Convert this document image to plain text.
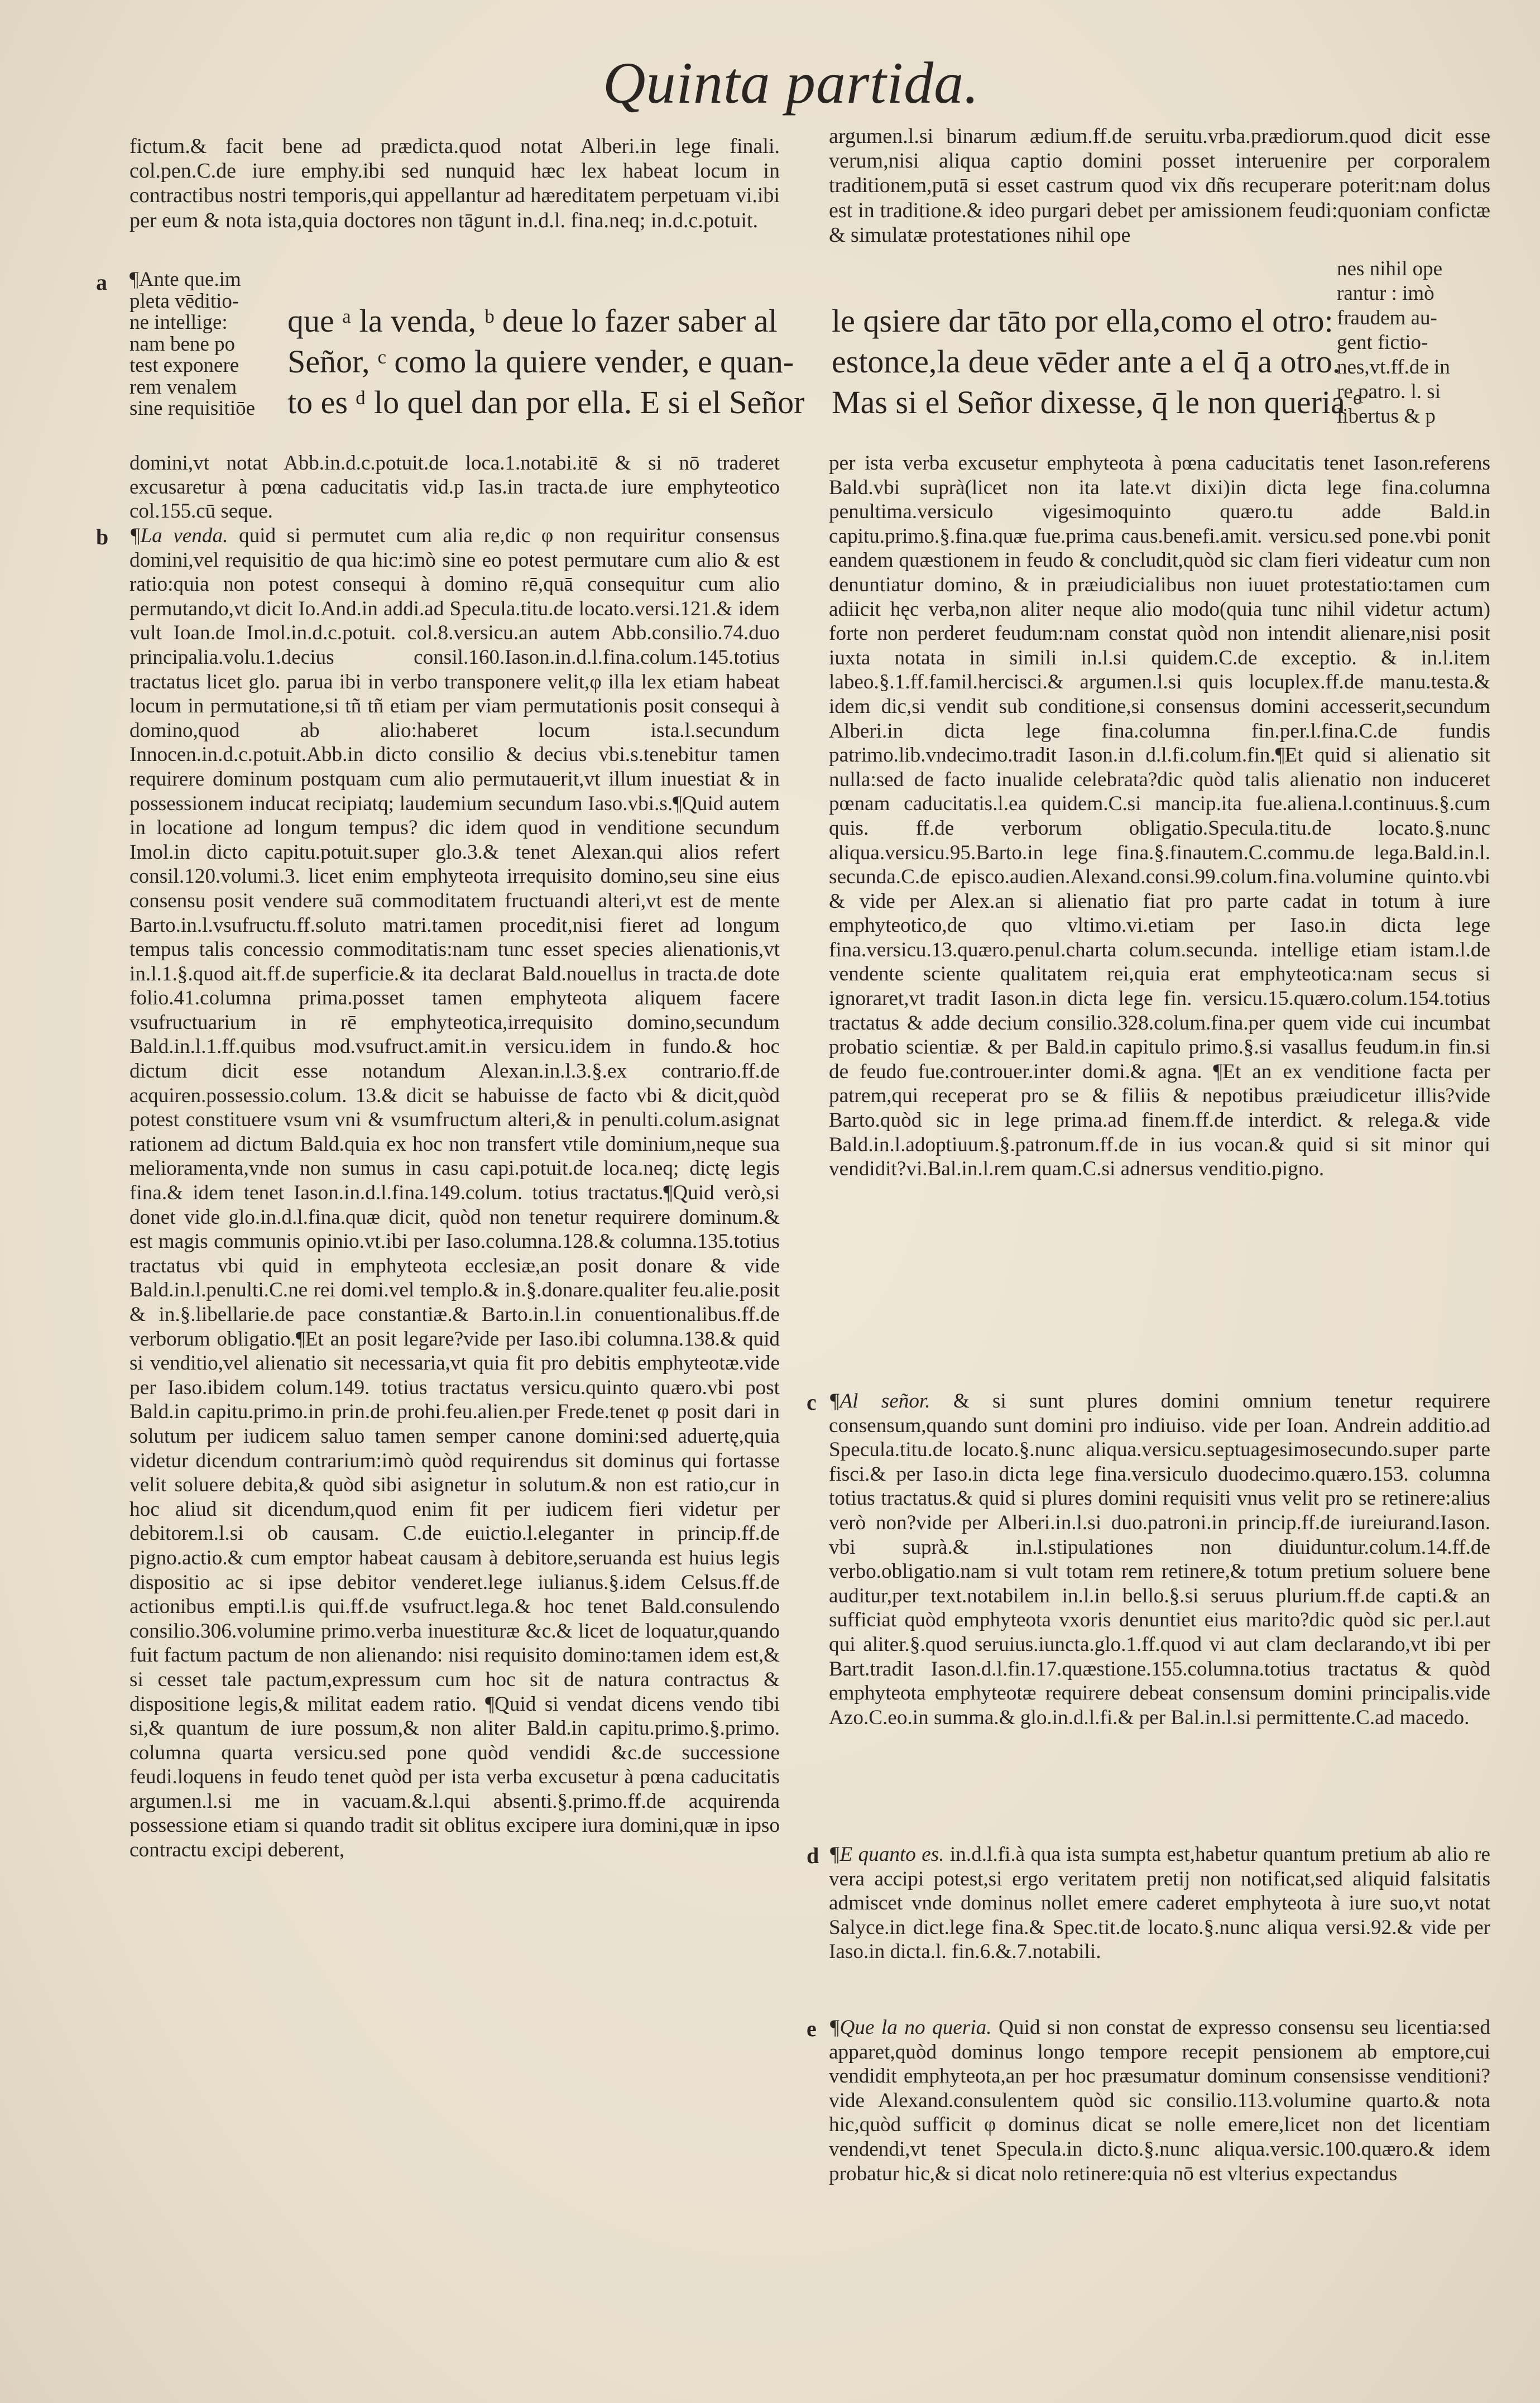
Quinta partida.
fictum.& facit bene ad prædicta.quod notat Alberi.in lege finali. col.pen.C.de iure emphy.ibi sed nunquid hæc lex habeat locum in contractibus nostri temporis,qui appellantur ad hæreditatem perpetuam vi.ibi per eum & nota ista,quia doctores non tāgunt in.d.l. fina.neq; in.d.c.potuit.
a ¶Ante que.im
pleta vēditio-
ne intellige:
nam bene po
test exponere
rem venalem
sine requisitiōe
que ᵃ la venda, ᵇ deue lo fazer saber al
Señor, ᶜ como la quiere vender, e quan-
to es ᵈ lo quel dan por ella. E si el Señor
domini,vt notat Abb.in.d.c.potuit.de loca.1.notabi.itē & si nō traderet excusaretur à pœna caducitatis vid.p Ias.in tracta.de iure emphyteotico col.155.cū seque.
b ¶La venda. quid si permutet cum alia re,dic φ non requiritur consensus domini,vel requisitio de qua hic:imò sine eo potest permutare cum alio & est ratio:quia non potest consequi à domino rē,quā consequitur cum alio permutando,vt dicit Io.And.in addi.ad Specula.titu.de locato.versi.121.& idem vult Ioan.de Imol.in.d.c.potuit. col.8.versicu.an autem Abb.consilio.74.duo principalia.volu.1.decius consil.160.Iason.in.d.l.fina.colum.145.totius tractatus licet glo. parua ibi in verbo transponere velit,φ illa lex etiam habeat locum in permutatione,si tñ tñ etiam per viam permutationis posit consequi à domino,quod ab alio:haberet locum ista.l.secundum Innocen.in.d.c.potuit.Abb.in dicto consilio & decius vbi.s.tenebitur tamen requirere dominum postquam cum alio permutauerit,vt illum inuestiat & in possessionem inducat recipiatq; laudemium secundum Iaso.vbi.s.¶Quid autem in locatione ad longum tempus? dic idem quod in venditione secundum Imol.in dicto capitu.potuit.super glo.3.& tenet Alexan.qui alios refert consil.120.volumi.3. licet enim emphyteota irrequisito domino,seu sine eius consensu posit vendere suā commoditatem fructuandi alteri,vt est de mente Barto.in.l.vsufructu.ff.soluto matri.tamen procedit,nisi fieret ad longum tempus talis concessio commoditatis:nam tunc esset species alienationis,vt in.l.1.§.quod ait.ff.de superficie.& ita declarat Bald.nouellus in tracta.de dote folio.41.columna prima.posset tamen emphyteota aliquem facere vsufructuarium in rē emphyteotica,irrequisito domino,secundum Bald.in.l.1.ff.quibus mod.vsufruct.amit.in versicu.idem in fundo.& hoc dictum dicit esse notandum Alexan.in.l.3.§.ex contrario.ff.de acquiren.possessio.colum. 13.& dicit se habuisse de facto vbi & dicit,quòd potest constituere vsum vni & vsumfructum alteri,& in penulti.colum.asignat rationem ad dictum Bald.quia ex hoc non transfert vtile dominium,neque sua melioramenta,vnde non sumus in casu capi.potuit.de loca.neq; dictę legis fina.& idem tenet Iason.in.d.l.fina.149.colum. totius tractatus.¶Quid verò,si donet vide glo.in.d.l.fina.quæ dicit, quòd non tenetur requirere dominum.& est magis communis opinio.vt.ibi per Iaso.columna.128.& columna.135.totius tractatus vbi quid in emphyteota ecclesiæ,an posit donare & vide Bald.in.l.penulti.C.ne rei domi.vel templo.& in.§.donare.qualiter feu.alie.posit & in.§.libellarie.de pace constantiæ.& Barto.in.l.in conuentionalibus.ff.de verborum obligatio.¶Et an posit legare?vide per Iaso.ibi columna.138.& quid si venditio,vel alienatio sit necessaria,vt quia fit pro debitis emphyteotæ.vide per Iaso.ibidem colum.149. totius tractatus versicu.quinto quæro.vbi post Bald.in capitu.primo.in prin.de prohi.feu.alien.per Frede.tenet φ posit dari in solutum per iudicem saluo tamen semper canone domini:sed aduertę,quia videtur dicendum contrarium:imò quòd requirendus sit dominus qui fortasse velit soluere debita,& quòd sibi asignetur in solutum.& non est ratio,cur in hoc aliud sit dicendum,quod enim fit per iudicem fieri videtur per debitorem.l.si ob causam. C.de euictio.l.eleganter in princip.ff.de pigno.actio.& cum emptor habeat causam à debitore,seruanda est huius legis dispositio ac si ipse debitor venderet.lege iulianus.§.idem Celsus.ff.de actionibus empti.l.is qui.ff.de vsufruct.lega.& hoc tenet Bald.consulendo consilio.306.volumine primo.verba inuestituræ &c.& licet de loquatur,quando fuit factum pactum de non alienando: nisi requisito domino:tamen idem est,& si cesset tale pactum,expressum cum hoc sit de natura contractus & dispositione legis,& militat eadem ratio. ¶Quid si vendat dicens vendo tibi si,& quantum de iure possum,& non aliter Bald.in capitu.primo.§.primo. columna quarta versicu.sed pone quòd vendidi &c.de successione feudi.loquens in feudo tenet quòd per ista verba excusetur à pœna caducitatis argumen.l.si me in vacuam.&.l.qui absenti.§.primo.ff.de acquirenda possessione etiam si quando tradit sit oblitus excipere iura domini,quæ in ipso contractu excipi deberent,
argumen.l.si binarum ædium.ff.de seruitu.vrba.prædiorum.quod dicit esse verum,nisi aliqua captio domini posset interuenire per corporalem traditionem,putā si esset castrum quod vix dñs recuperare poterit:nam dolus est in traditione.& ideo purgari debet per amissionem feudi:quoniam confictæ & simulatæ protestationes nihil ope
le qsiere dar tāto por ella,como el otro:
estonce,la deue vēder ante a el q̄ a otro.
Mas si el Señor dixesse, q̄ le non queria ᵉ
nes nihil ope
rantur : imò
fraudem au-
gent fictio-
nes,vt.ff.de in
re patro. l. si
libertus & p
per ista verba excusetur emphyteota à pœna caducitatis tenet Iason.referens Bald.vbi suprà(licet non ita late.vt dixi)in dicta lege fina.columna penultima.versiculo vigesimoquinto quæro.tu adde Bald.in capitu.primo.§.fina.quæ fue.prima caus.benefi.amit. versicu.sed pone.vbi ponit eandem quæstionem in feudo & concludit,quòd sic clam fieri videatur cum non denuntiatur domino, & in præiudicialibus non iuuet protestatio:tamen cum adiicit hęc verba,non aliter neque alio modo(quia tunc nihil videtur actum) forte non perderet feudum:nam constat quòd non intendit alienare,nisi posit iuxta notata in simili in.l.si quidem.C.de exceptio. & in.l.item labeo.§.1.ff.famil.hercisci.& argumen.l.si quis locuplex.ff.de manu.testa.& idem dic,si vendit sub conditione,si consensus domini accesserit,secundum Alberi.in dicta lege fina.columna fin.per.l.fina.C.de fundis patrimo.lib.vndecimo.tradit Iason.in d.l.fi.colum.fin.¶Et quid si alienatio sit nulla:sed de facto inualide celebrata?dic quòd talis alienatio non induceret pœnam caducitatis.l.ea quidem.C.si mancip.ita fue.aliena.l.continuus.§.cum quis. ff.de verborum obligatio.Specula.titu.de locato.§.nunc aliqua.versicu.95.Barto.in lege fina.§.finautem.C.commu.de lega.Bald.in.l. secunda.C.de episco.audien.Alexand.consi.99.colum.fina.volumine quinto.vbi & vide per Alex.an si alienatio fiat pro parte cadat in totum à iure emphyteotico,de quo vltimo.vi.etiam per Iaso.in dicta lege fina.versicu.13.quæro.penul.charta colum.secunda. intellige etiam istam.l.de vendente sciente qualitatem rei,quia erat emphyteotica:nam secus si ignoraret,vt tradit Iason.in dicta lege fin. versicu.15.quæro.colum.154.totius tractatus & adde decium consilio.328.colum.fina.per quem vide cui incumbat probatio scientiæ. & per Bald.in capitulo primo.§.si vasallus feudum.in fin.si de feudo fue.controuer.inter domi.& agna. ¶Et an ex venditione facta per patrem,qui receperat pro se & filiis & nepotibus præiudicetur illis?vide Barto.quòd sic in lege prima.ad finem.ff.de interdict. & relega.& vide Bald.in.l.adoptiuum.§.patronum.ff.de in ius vocan.& quid si sit minor qui vendidit?vi.Bal.in.l.rem quam.C.si adnersus venditio.pigno.
c ¶Al señor. & si sunt plures domini omnium tenetur requirere consensum,quando sunt domini pro indiuiso. vide per Ioan. Andrein additio.ad Specula.titu.de locato.§.nunc aliqua.versicu.septuagesimosecundo.super parte fisci.& per Iaso.in dicta lege fina.versiculo duodecimo.quæro.153. columna totius tractatus.& quid si plures domini requisiti vnus velit pro se retinere:alius verò non?vide per Alberi.in.l.si duo.patroni.in princip.ff.de iureiurand.Iason. vbi suprà.& in.l.stipulationes non diuiduntur.colum.14.ff.de verbo.obligatio.nam si vult totam rem retinere,& totum pretium soluere bene auditur,per text.notabilem in.l.in bello.§.si seruus plurium.ff.de capti.& an sufficiat quòd emphyteota vxoris denuntiet eius marito?dic quòd sic per.l.aut qui aliter.§.quod seruius.iuncta.glo.1.ff.quod vi aut clam declarando,vt ibi per Bart.tradit Iason.d.l.fin.17.quæstione.155.columna.totius tractatus & quòd emphyteota emphyteotæ requirere debeat consensum domini principalis.vide Azo.C.eo.in summa.& glo.in.d.l.fi.& per Bal.in.l.si permittente.C.ad macedo.
d ¶E quanto es. in.d.l.fi.à qua ista sumpta est,habetur quantum pretium ab alio re vera accipi potest,si ergo veritatem pretij non notificat,sed aliquid falsitatis admiscet vnde dominus nollet emere caderet emphyteota à iure suo,vt notat Salyce.in dict.lege fina.& Spec.tit.de locato.§.nunc aliqua versi.92.& vide per Iaso.in dicta.l. fin.6.&.7.notabili.
e ¶Que la no queria. Quid si non constat de expresso consensu seu licentia:sed apparet,quòd dominus longo tempore recepit pensionem ab emptore,cui vendidit emphyteota,an per hoc præsumatur dominum consensisse venditioni?vide Alexand.consulentem quòd sic consilio.113.volumine quarto.& nota hic,quòd sufficit φ dominus dicat se nolle emere,licet non det licentiam vendendi,vt tenet Specula.in dicto.§.nunc aliqua.versic.100.quæro.& idem probatur hic,& si dicat nolo retinere:quia nō est vlterius expectandus
